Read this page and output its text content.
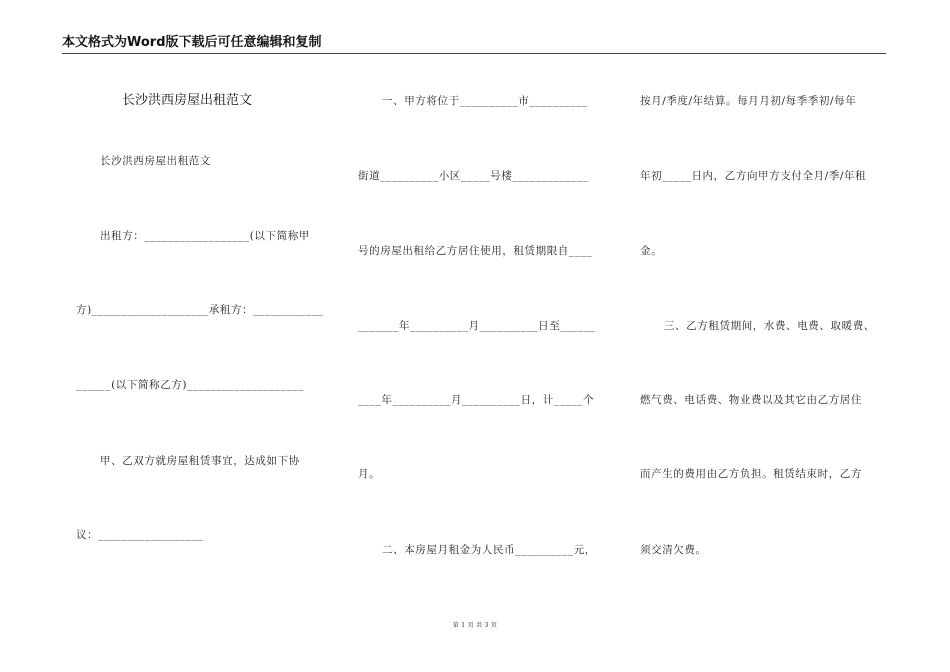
本文格式为Word版下载后可任意编辑和复制
长沙洪西房屋出租范文
长沙洪西房屋出租范文
出租方：__________________(以下简称甲
方)____________________承租方：____________
______(以下简称乙方)____________________
甲、乙双方就房屋租赁事宜，达成如下协
议：__________________
一、甲方将位于__________市__________
街道__________小区_____号楼_____________
号的房屋出租给乙方居住使用，租赁期限自____
_______年__________月__________日至______
____年__________月__________日，计_____个
月。
二、本房屋月租金为人民币__________元，
按月/季度/年结算。每月月初/每季季初/每年
年初_____日内，乙方向甲方支付全月/季/年租
金。
三、乙方租赁期间，水费、电费、取暖费、
燃气费、电话费、物业费以及其它由乙方居住
而产生的费用由乙方负担。租赁结束时，乙方
须交清欠费。
第 1 页 共 3 页
